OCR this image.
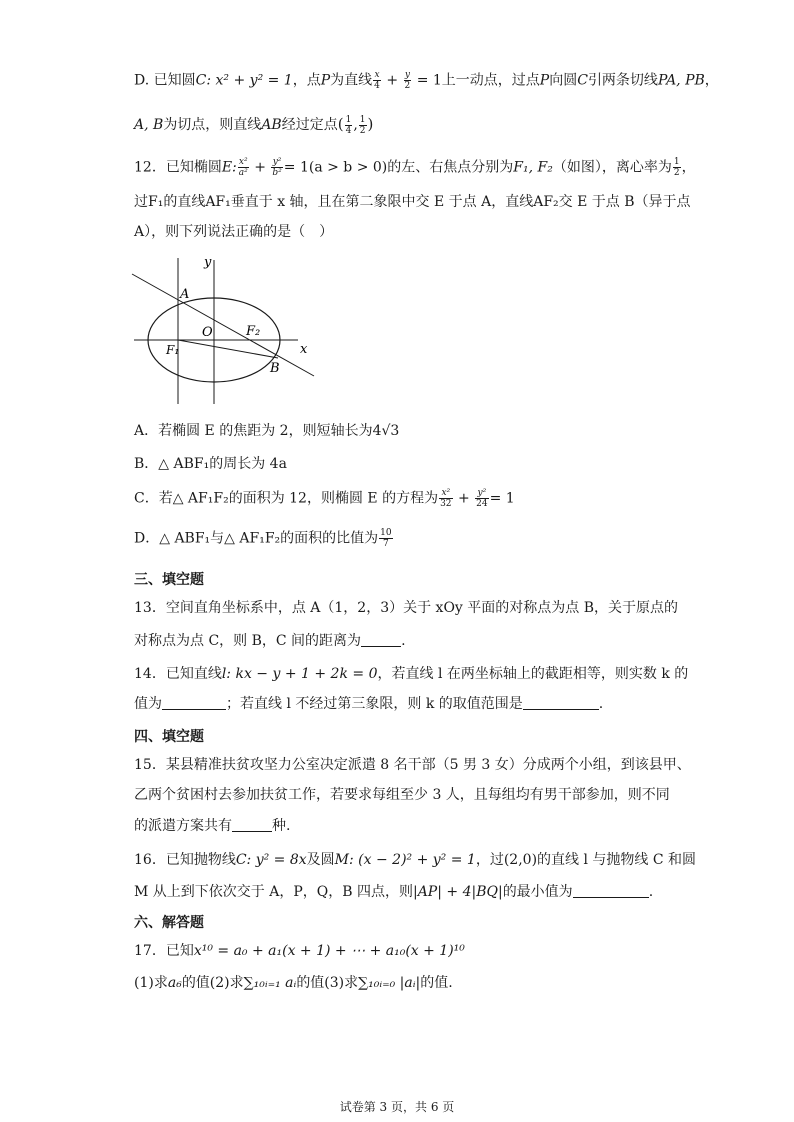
D. 已知圆C: x² + y² = 1，点P为直线 $\frac{x}{4} + \frac{y}{2} = 1$上一动点，过点P向圆C引两条切线PA, PB，
A, B为切点，则直线AB经过定点( $\frac{1}{4}$ , $\frac{1}{2}$ )
12．已知椭圆E: $\frac{\text{x²}}{\text{a²}} + \frac{\text{y²}}{\text{b²}} = 1(a > b > 0)$的左、右焦点分别为F₁, F₂（如图），离心率为 $\frac{1}{2}$ ，
过F₁的直线AF₁垂直于 x 轴，且在第二象限中交 E 于点 A，直线AF₂交 E 于点 B（异于点
A），则下列说法正确的是（　）
y
x
A
O	F₂
F₁
B
A．若椭圆 E 的焦距为 2，则短轴长为4√3
B．△ ABF₁的周长为 4a
C．若△ AF₁F₂的面积为 12，则椭圆 E 的方程为 $\frac{\text{x²}}{32} + \frac{\text{y²}}{24} = 1$
D．△ ABF₁与△ AF₁F₂的面积的比值为 $\frac{10}{7}$
三、填空题
13．空间直角坐标系中，点 A（1，2，3）关于 xOy 平面的对称点为点 B，关于原点的
对称点为点 C，则 B，C 间的距离为	.
14．已知直线l: kx − y + 1 + 2k = 0，若直线 l 在两坐标轴上的截距相等，则实数 k 的
值为	；若直线 l 不经过第三象限，则 k 的取值范围是	.
四、填空题
15．某县精准扶贫攻坚力公室决定派遣 8 名干部（5 男 3 女）分成两个小组，到该县甲、
乙两个贫困村去参加扶贫工作，若要求每组至少 3 人，且每组均有男干部参加，则不同
的派遣方案共有	种.
16．已知抛物线C: y² = 8x及圆M: (x − 2)² + y² = 1，过(2,0)的直线 l 与抛物线 C 和圆
M 从上到下依次交于 A，P，Q，B 四点，则|AP| + 4|BQ|的最小值为	.
六、解答题
17．已知x¹⁰ = a₀ + a₁(x + 1) + ⋯ + a₁₀(x + 1)¹⁰
(1)求a₆的值(2)求∑₁₀ᵢ₌₁ aᵢ的值(3)求∑₁₀ᵢ₌₀ |aᵢ|的值.
试卷第 3 页，共 6 页
